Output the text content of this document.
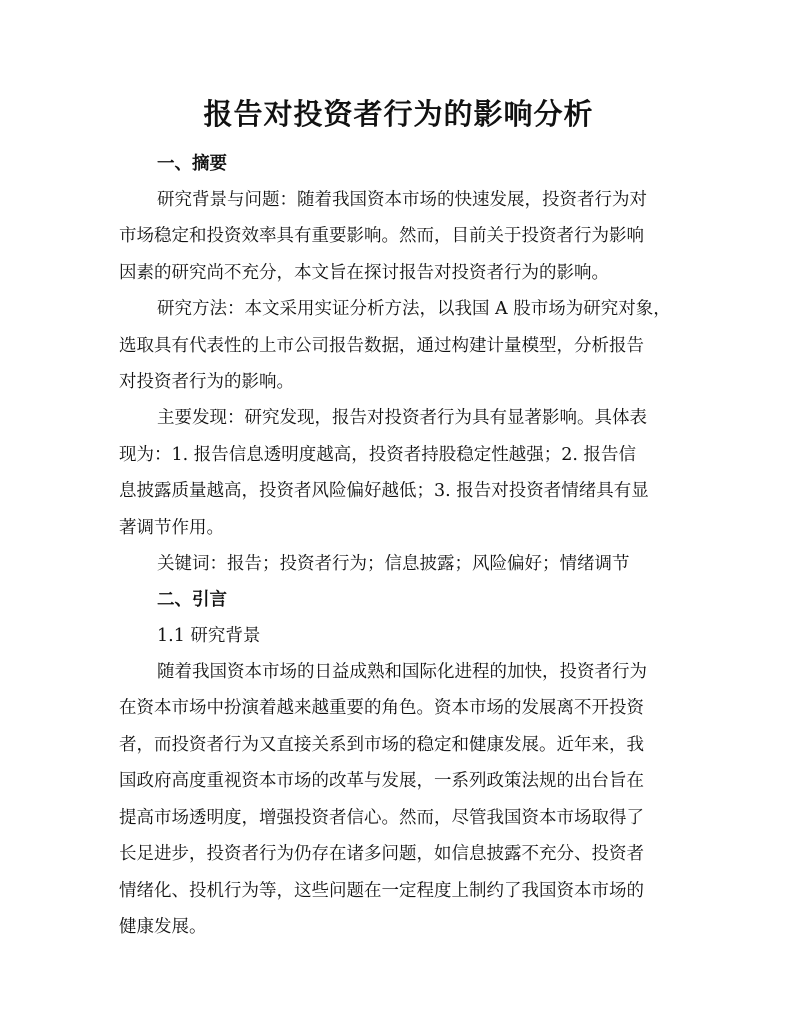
报告对投资者行为的影响分析
一、摘要

研究背景与问题：随着我国资本市场的快速发展，投资者行为对
市场稳定和投资效率具有重要影响。然而，目前关于投资者行为影响
因素的研究尚不充分，本文旨在探讨报告对投资者行为的影响。

研究方法：本文采用实证分析方法，以我国 A 股市场为研究对象，
选取具有代表性的上市公司报告数据，通过构建计量模型，分析报告
对投资者行为的影响。

主要发现：研究发现，报告对投资者行为具有显著影响。具体表
现为：1. 报告信息透明度越高，投资者持股稳定性越强；2. 报告信
息披露质量越高，投资者风险偏好越低；3. 报告对投资者情绪具有显
著调节作用。

关键词：报告；投资者行为；信息披露；风险偏好；情绪调节

二、引言

1.1 研究背景

随着我国资本市场的日益成熟和国际化进程的加快，投资者行为
在资本市场中扮演着越来越重要的角色。资本市场的发展离不开投资
者，而投资者行为又直接关系到市场的稳定和健康发展。近年来，我
国政府高度重视资本市场的改革与发展，一系列政策法规的出台旨在
提高市场透明度，增强投资者信心。然而，尽管我国资本市场取得了
长足进步，投资者行为仍存在诸多问题，如信息披露不充分、投资者
情绪化、投机行为等，这些问题在一定程度上制约了我国资本市场的
健康发展。
